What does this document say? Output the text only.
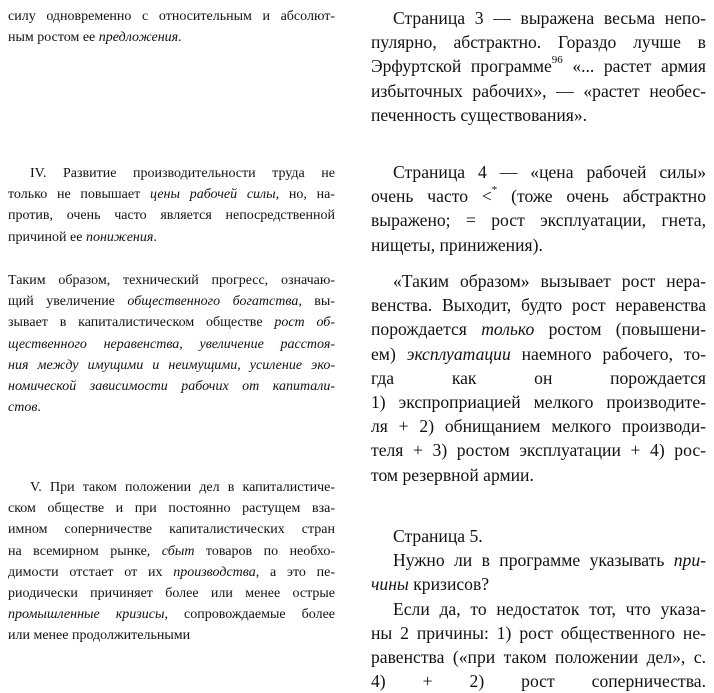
силу одновременно с относительным и абсолют-
ным ростом ее предложения.
IV. Развитие производительности труда не
только не повышает цены рабочей силы, но, на-
против, очень часто является непосредственной
причиной ее понижения.
Таким образом, технический прогресс, означаю-
щий увеличение общественного богатства, вы-
зывает в капиталистическом обществе рост об-
щественного неравенства, увеличение расстоя-
ния между имущими и неимущими, усиление эко-
номической зависимости рабочих от капитали-
стов.
V. При таком положении дел в капиталистиче-
ском обществе и при постоянно растущем вза-
имном соперничестве капиталистических стран
на всемирном рынке, сбыт товаров по необхо-
димости отстает от их производства, а это пе-
риодически причиняет более или менее острые
промышленные кризисы, сопровождаемые более
или менее продолжительными
Страница 3 — выражена весьма непо-
пулярно, абстрактно. Гораздо лучше в
Эрфуртской программе$^{96}$ «... растет армия
избыточных рабочих», — «растет необес-
печенность существования».
Страница 4 — «цена рабочей силы»
очень часто <* (тоже очень абстрактно
выражено; = рост эксплуатации, гнета,
нищеты, принижения).
«Таким образом» вызывает рост нера-
венства. Выходит, будто рост неравенства
порождается только ростом (повышени-
ем) эксплуатации наемного рабочего, то-
гда как он порождается
1) экспроприацией мелкого производите-
ля + 2) обнищанием мелкого производи-
теля + 3) ростом эксплуатации + 4) рос-
том резервной армии.
Страница 5.
Нужно ли в программе указывать при-
чины кризисов?
Если да, то недостаток тот, что указа-
ны 2 причины: 1) рост общественного не-
равенства («при таком положении дел», с.
4) + 2) рост соперничества.
